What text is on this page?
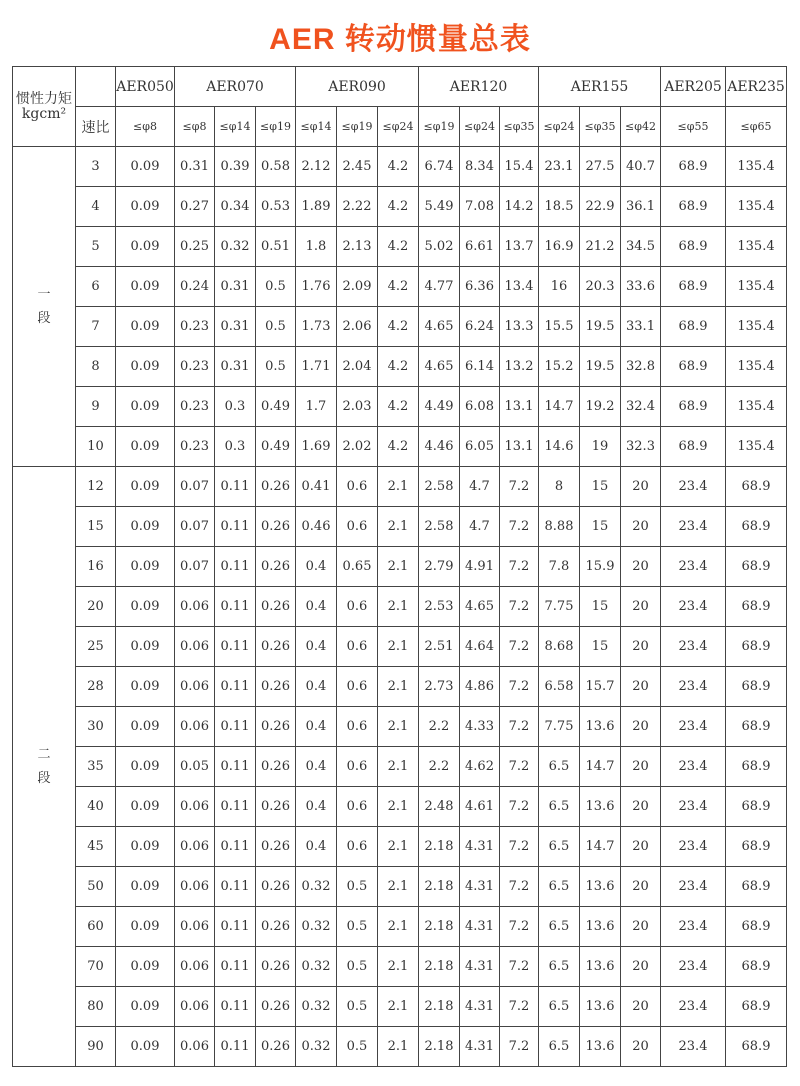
AER 转动惯量总表
惯性力矩
kgcm²		AER050	AER070			AER090			AER120			AER155			AER205	AER235
	速比	≤φ8	≤φ8	≤φ14	≤φ19	≤φ14	≤φ19	≤φ24	≤φ19	≤φ24	≤φ35	≤φ24	≤φ35	≤φ42	≤φ55	≤φ65

一
段	3	0.09	0.31	0.39	0.58	2.12	2.45	4.2	6.74	8.34	15.4	23.1	27.5	40.7	68.9	135.4
	4	0.09	0.27	0.34	0.53	1.89	2.22	4.2	5.49	7.08	14.2	18.5	22.9	36.1	68.9	135.4
	5	0.09	0.25	0.32	0.51	1.8	2.13	4.2	5.02	6.61	13.7	16.9	21.2	34.5	68.9	135.4
	6	0.09	0.24	0.31	0.5	1.76	2.09	4.2	4.77	6.36	13.4	16	20.3	33.6	68.9	135.4
	7	0.09	0.23	0.31	0.5	1.73	2.06	4.2	4.65	6.24	13.3	15.5	19.5	33.1	68.9	135.4
	8	0.09	0.23	0.31	0.5	1.71	2.04	4.2	4.65	6.14	13.2	15.2	19.5	32.8	68.9	135.4
	9	0.09	0.23	0.3	0.49	1.7	2.03	4.2	4.49	6.08	13.1	14.7	19.2	32.4	68.9	135.4
	10	0.09	0.23	0.3	0.49	1.69	2.02	4.2	4.46	6.05	13.1	14.6	19	32.3	68.9	135.4

二
段	12	0.09	0.07	0.11	0.26	0.41	0.6	2.1	2.58	4.7	7.2	8	15	20	23.4	68.9
	15	0.09	0.07	0.11	0.26	0.46	0.6	2.1	2.58	4.7	7.2	8.88	15	20	23.4	68.9
	16	0.09	0.07	0.11	0.26	0.4	0.65	2.1	2.79	4.91	7.2	7.8	15.9	20	23.4	68.9
	20	0.09	0.06	0.11	0.26	0.4	0.6	2.1	2.53	4.65	7.2	7.75	15	20	23.4	68.9
	25	0.09	0.06	0.11	0.26	0.4	0.6	2.1	2.51	4.64	7.2	8.68	15	20	23.4	68.9
	28	0.09	0.06	0.11	0.26	0.4	0.6	2.1	2.73	4.86	7.2	6.58	15.7	20	23.4	68.9
	30	0.09	0.06	0.11	0.26	0.4	0.6	2.1	2.2	4.33	7.2	7.75	13.6	20	23.4	68.9
	35	0.09	0.05	0.11	0.26	0.4	0.6	2.1	2.2	4.62	7.2	6.5	14.7	20	23.4	68.9
	40	0.09	0.06	0.11	0.26	0.4	0.6	2.1	2.48	4.61	7.2	6.5	13.6	20	23.4	68.9
	45	0.09	0.06	0.11	0.26	0.4	0.6	2.1	2.18	4.31	7.2	6.5	14.7	20	23.4	68.9
	50	0.09	0.06	0.11	0.26	0.32	0.5	2.1	2.18	4.31	7.2	6.5	13.6	20	23.4	68.9
	60	0.09	0.06	0.11	0.26	0.32	0.5	2.1	2.18	4.31	7.2	6.5	13.6	20	23.4	68.9
	70	0.09	0.06	0.11	0.26	0.32	0.5	2.1	2.18	4.31	7.2	6.5	13.6	20	23.4	68.9
	80	0.09	0.06	0.11	0.26	0.32	0.5	2.1	2.18	4.31	7.2	6.5	13.6	20	23.4	68.9
	90	0.09	0.06	0.11	0.26	0.32	0.5	2.1	2.18	4.31	7.2	6.5	13.6	20	23.4	68.9
